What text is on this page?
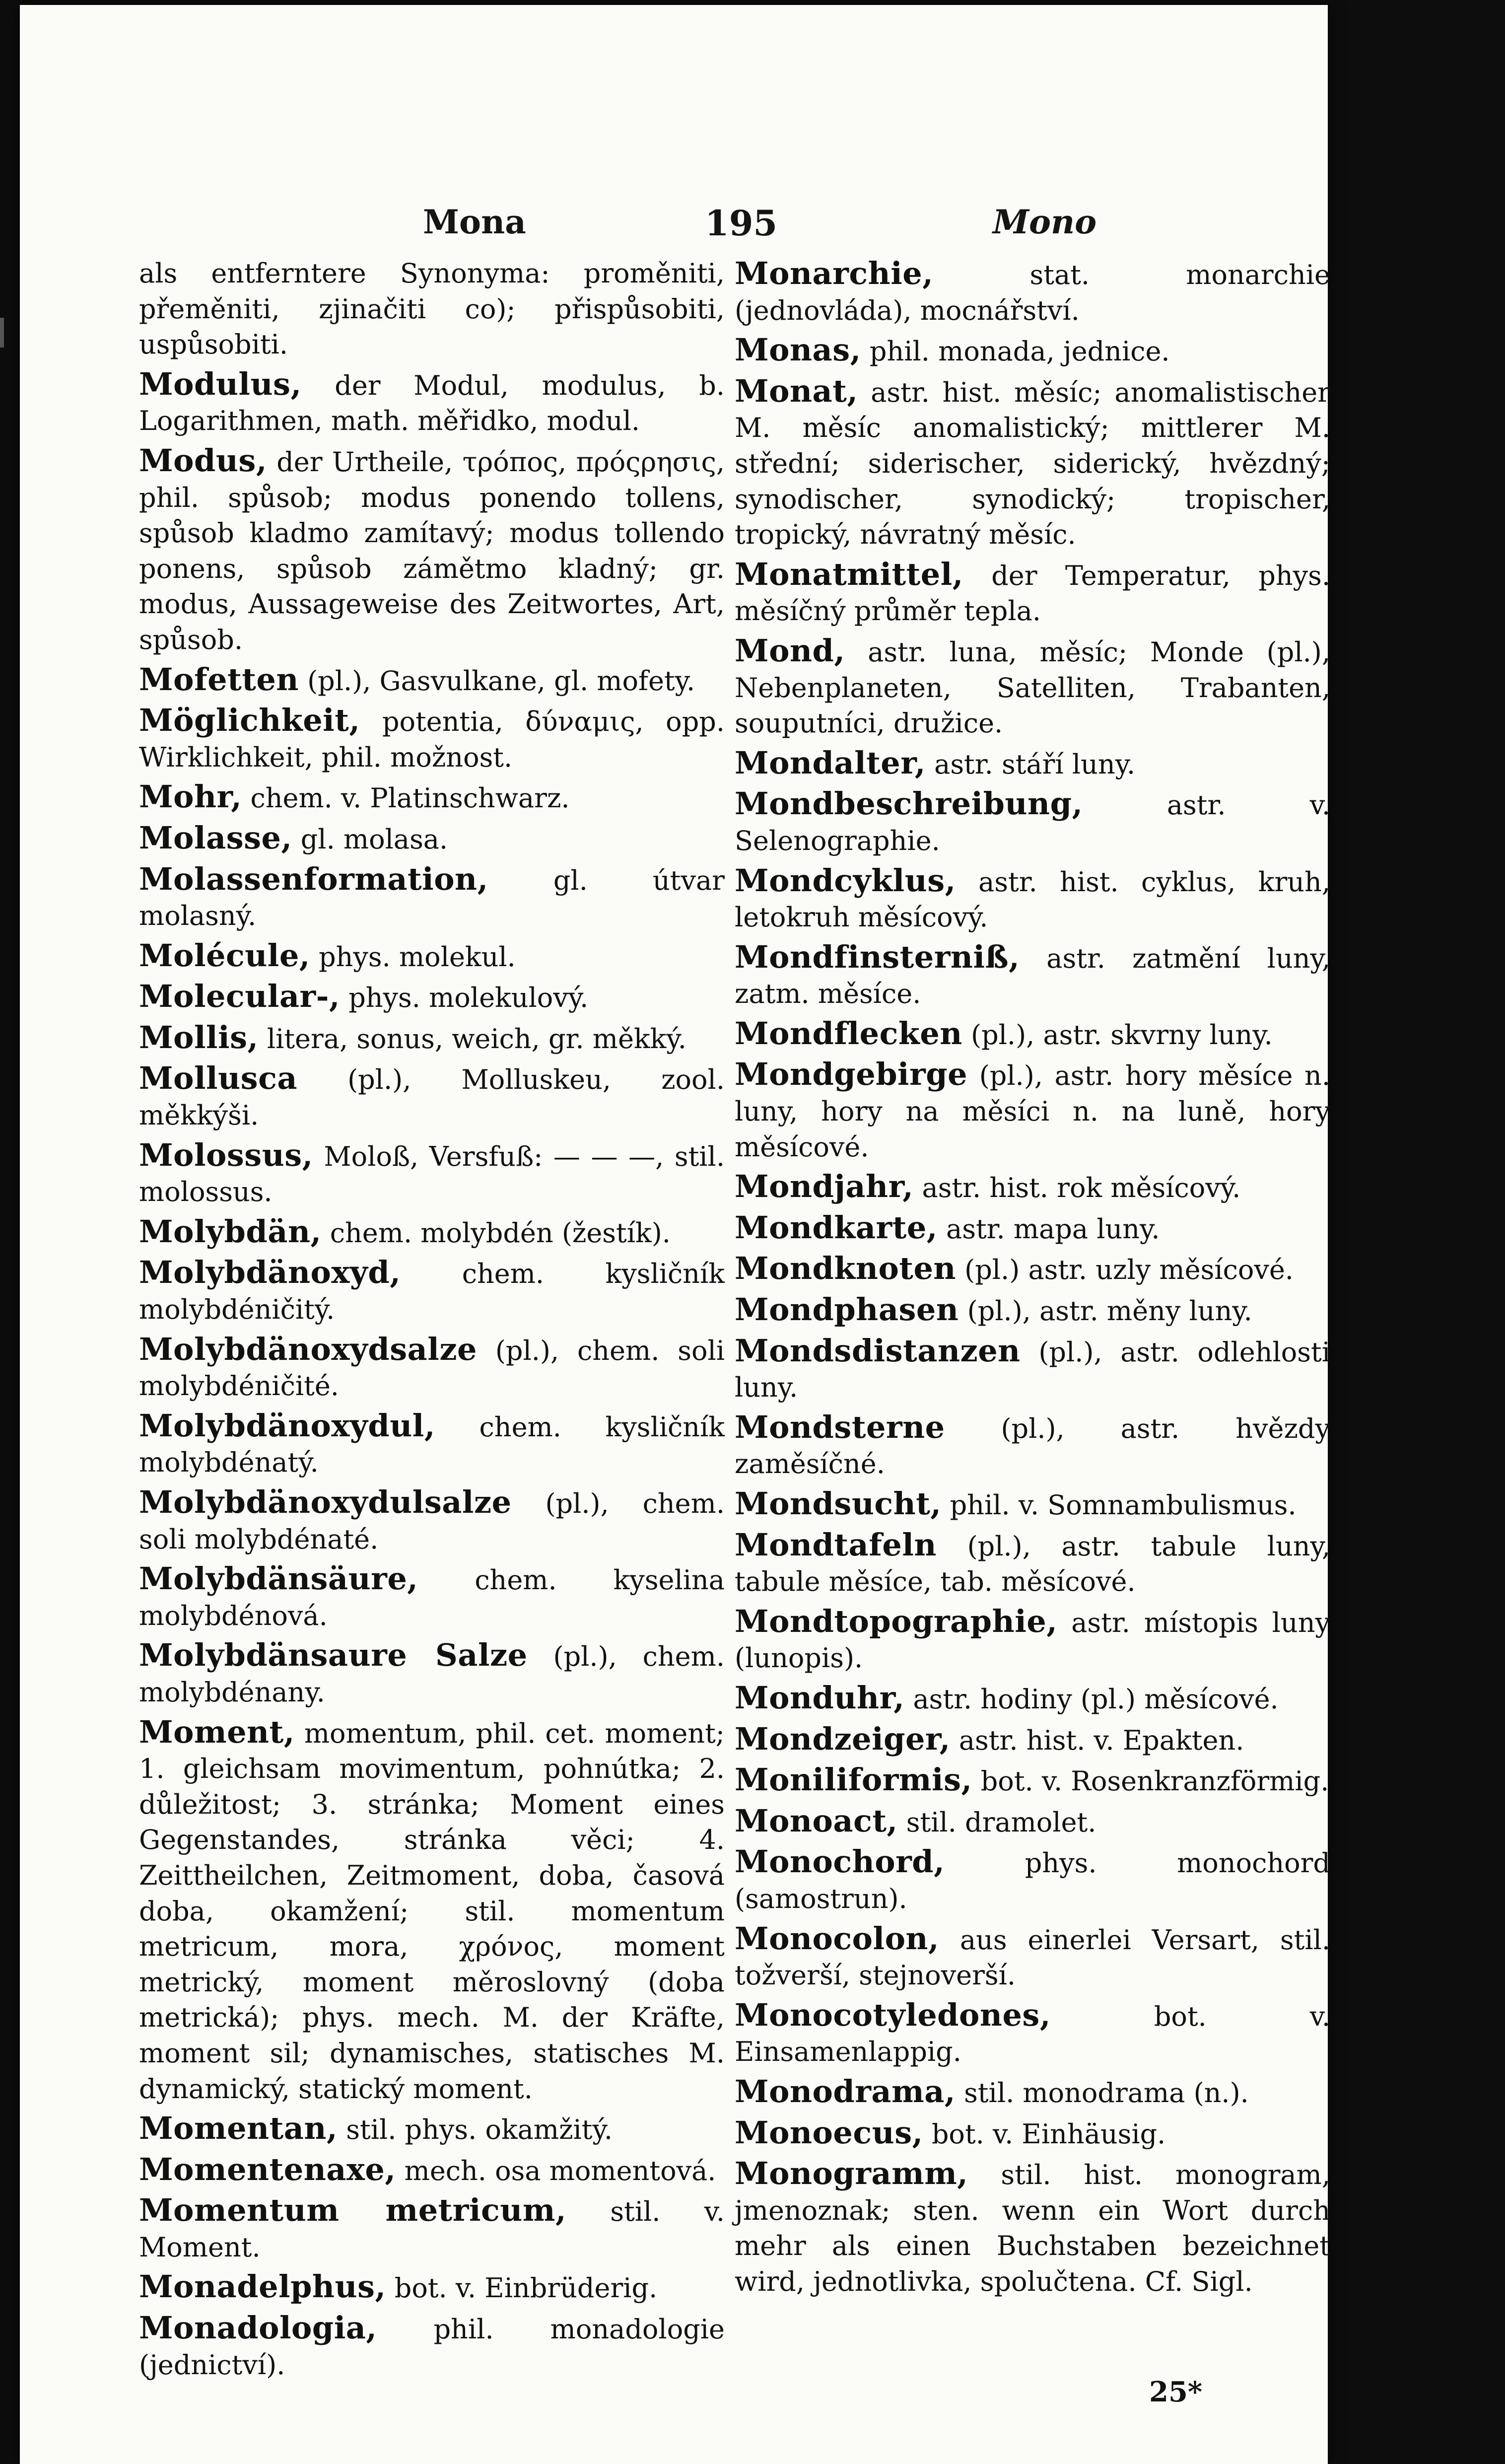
Mona	195	Mono
als entferntere Synonyma: proměniti, přeměniti, zjinačiti co); přispůsobiti, uspůsobiti.
Modulus, der Modul, modulus, b. Logarithmen, math. měřidko, modul.
Modus, der Urtheile, τρόπος, πρόςρησις, phil. spůsob; modus ponendo tollens, spůsob kladmo zamítavý; modus tollendo ponens, spůsob zámětmo kladný; gr. modus, Aussageweise des Zeitwortes, Art, spůsob.
Mofetten (pl.), Gasvulkane, gl. mofety.
Möglichkeit, potentia, δύναμις, opp. Wirklichkeit, phil. možnost.
Mohr, chem. v. Platinschwarz.
Molasse, gl. molasa.
Molassenformation, gl. útvar molasný.
Molécule, phys. molekul.
Molecular-, phys. molekulový.
Mollis, litera, sonus, weich, gr. měkký.
Mollusca (pl.), Molluskeu, zool. měkkýši.
Molossus, Moloß, Versfuß: — — —, stil. molossus.
Molybdän, chem. molybdén (žestík).
Molybdänoxyd, chem. kysličník molybdéničitý.
Molybdänoxydsalze (pl.), chem. soli molybdéničité.
Molybdänoxydul, chem. kysličník molybdénatý.
Molybdänoxydulsalze (pl.), chem. soli molybdénaté.
Molybdänsäure, chem. kyselina molybdénová.
Molybdänsaure Salze (pl.), chem. molybdénany.
Moment, momentum, phil. cet. moment; 1. gleichsam movimentum, pohnútka; 2. důležitost; 3. stránka; Moment eines Gegenstandes, stránka věci; 4. Zeittheilchen, Zeitmoment, doba, časová doba, okamžení; stil. momentum metricum, mora, χρόνος, moment metrický, moment měroslovný (doba metrická); phys. mech. M. der Kräfte, moment sil; dynamisches, statisches M. dynamický, statický moment.
Momentan, stil. phys. okamžitý.
Momentenaxe, mech. osa momentová.
Momentum metricum, stil. v. Moment.
Monadelphus, bot. v. Einbrüderig.
Monadologia, phil. monadologie (jednictví).
Monarchie,	stat. monarchie (jednovláda), mocnářství.
Monas, phil. monada, jednice.
Monat, astr. hist. měsíc; anomalistischer M. měsíc anomalistický; mittlerer M. střední; siderischer, siderický, hvězdný; synodischer, synodický; tropischer, tropický, návratný měsíc.
Monatmittel, der Temperatur, phys. měsíčný průměr tepla.
Mond, astr. luna, měsíc; Monde (pl.), Nebenplaneten, Satelliten, Trabanten, souputníci, družice.
Mondalter, astr. stáří luny.
Mondbeschreibung,	astr. v. Selenographie.
Mondcyklus, astr. hist. cyklus, kruh, letokruh měsícový.
Mondfinsterniß, astr. zatmění luny, zatm. měsíce.
Mondflecken (pl.), astr. skvrny luny.
Mondgebirge (pl.), astr. hory měsíce n. luny, hory na měsíci n. na luně, hory měsícové.
Mondjahr, astr. hist. rok měsícový.
Mondkarte, astr. mapa luny.
Mondknoten (pl.) astr. uzly měsícové.
Mondphasen (pl.), astr. měny luny.
Mondsdistanzen (pl.), astr. odlehlosti luny.
Mondsterne (pl.), astr. hvězdy zaměsíčné.
Mondsucht, phil. v. Somnambulismus.
Mondtafeln (pl.), astr. tabule luny, tabule měsíce, tab. měsícové.
Mondtopographie, astr. místopis luny (lunopis).
Monduhr, astr. hodiny (pl.) měsícové.
Mondzeiger, astr. hist. v. Epakten.
Moniliformis, bot. v. Rosenkranzförmig.
Monoact, stil. dramolet.
Monochord,	phys. monochord (samostrun).
Monocolon, aus einerlei Versart, stil. tožverší, stejnoverší.
Monocotyledones,	bot. v. Einsamenlappig.
Monodrama, stil. monodrama (n.).
Monoecus, bot. v. Einhäusig.
Monogramm, stil. hist. monogram, jmenoznak; sten. wenn ein Wort durch mehr als einen Buchstaben bezeichnet wird, jednotlivka, spolučtena. Cf. Sigl.
25*
